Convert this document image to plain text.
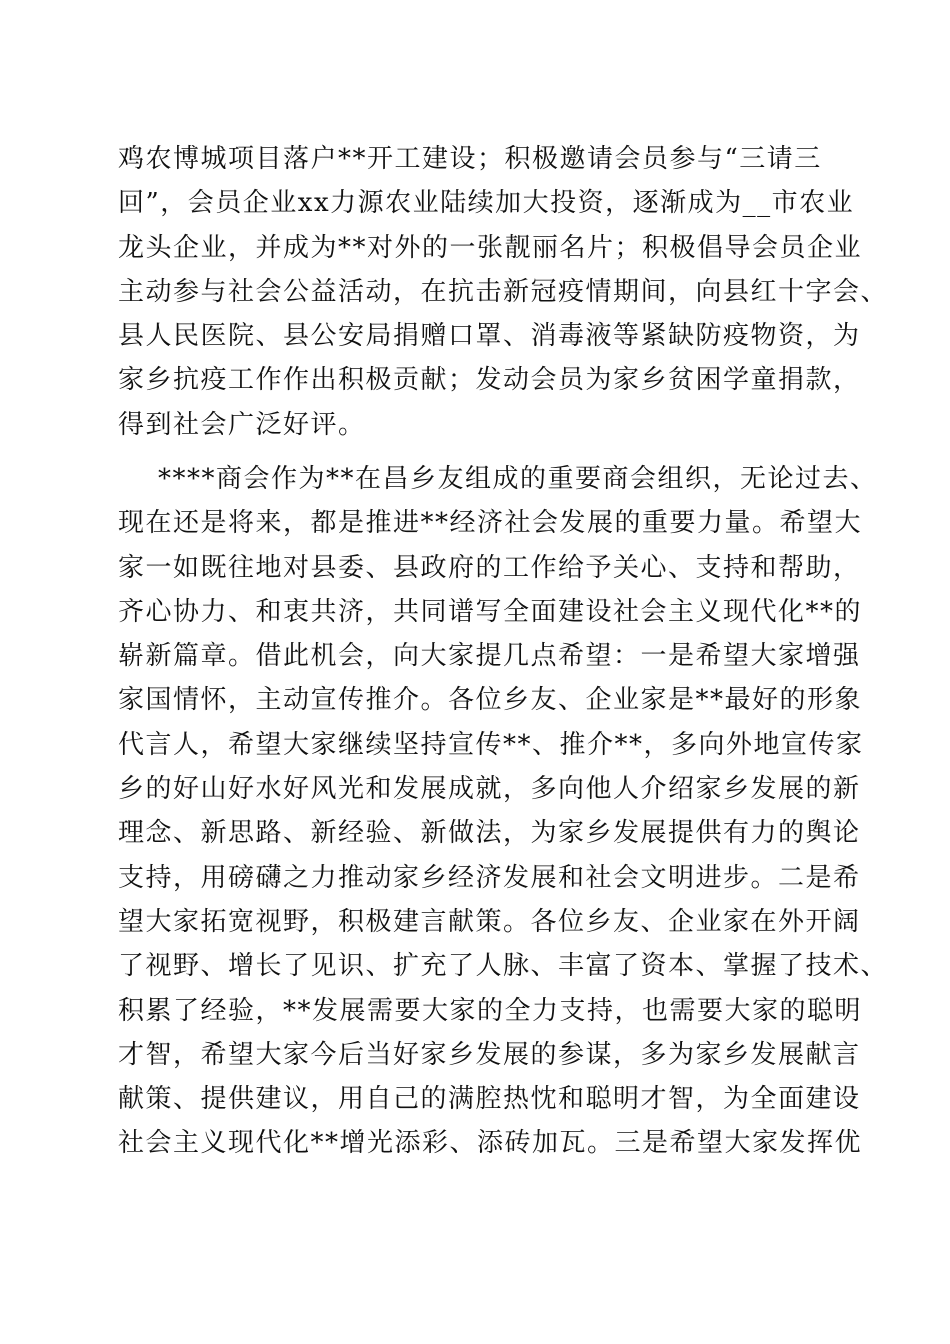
鸡农博城项目落户**开工建设；积极邀请会员参与“三请三
回”，会员企业xx力源农业陆续加大投资，逐渐成为__市农业
龙头企业，并成为**对外的一张靓丽名片；积极倡导会员企业
主动参与社会公益活动，在抗击新冠疫情期间，向县红十字会、
县人民医院、县公安局捐赠口罩、消毒液等紧缺防疫物资，为
家乡抗疫工作作出积极贡献；发动会员为家乡贫困学童捐款，
得到社会广泛好评。
****商会作为**在昌乡友组成的重要商会组织，无论过去、
现在还是将来，都是推进**经济社会发展的重要力量。希望大
家一如既往地对县委、县政府的工作给予关心、支持和帮助，
齐心协力、和衷共济，共同谱写全面建设社会主义现代化**的
崭新篇章。借此机会，向大家提几点希望：一是希望大家增强
家国情怀，主动宣传推介。各位乡友、企业家是**最好的形象
代言人，希望大家继续坚持宣传**、推介**，多向外地宣传家
乡的好山好水好风光和发展成就，多向他人介绍家乡发展的新
理念、新思路、新经验、新做法，为家乡发展提供有力的舆论
支持，用磅礴之力推动家乡经济发展和社会文明进步。二是希
望大家拓宽视野，积极建言献策。各位乡友、企业家在外开阔
了视野、增长了见识、扩充了人脉、丰富了资本、掌握了技术、
积累了经验，**发展需要大家的全力支持，也需要大家的聪明
才智，希望大家今后当好家乡发展的参谋，多为家乡发展献言
献策、提供建议，用自己的满腔热忱和聪明才智，为全面建设
社会主义现代化**增光添彩、添砖加瓦。三是希望大家发挥优
